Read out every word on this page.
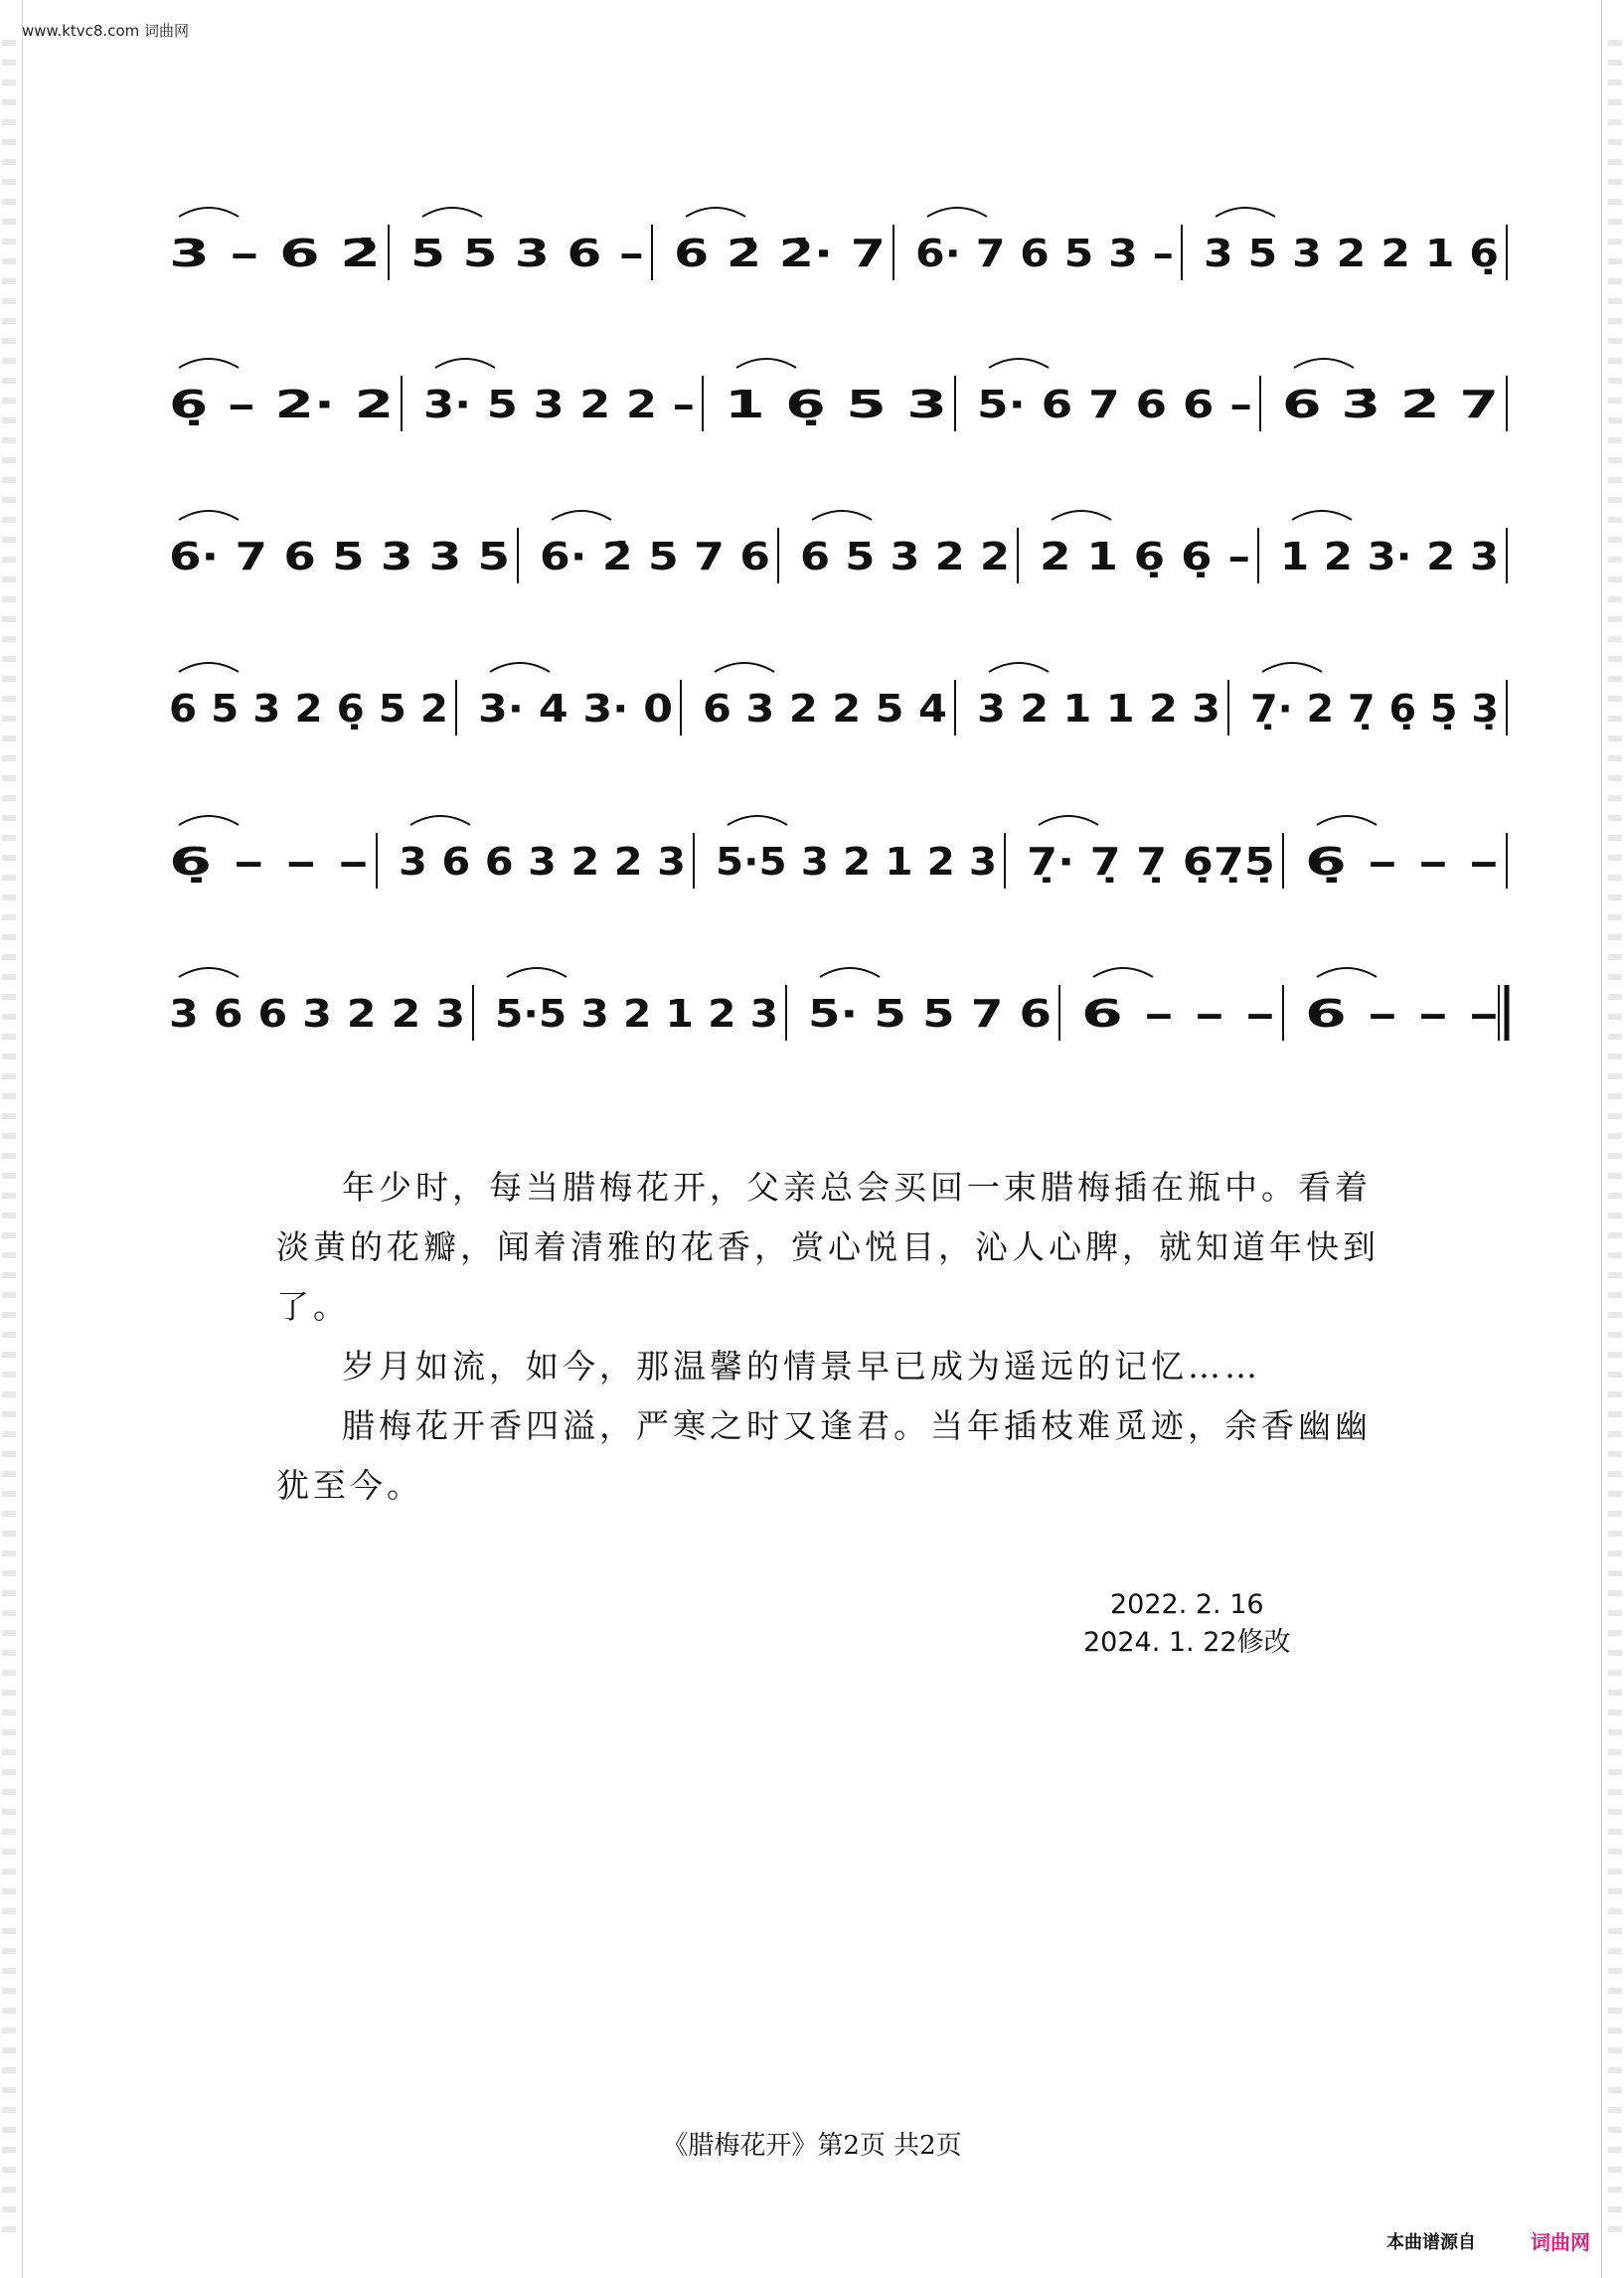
www.ktvc8.com 词曲网
3 – 6 2̇ 5 5 3 6 – 6 2̇ 2̇· 7 6· 7 6 5 3 – 3 5 3 2 2 1 6̣
6̣ – 2· 2 3· 5 3 2 2 – 1 6̣ 5 3 5· 6 7 6 6 – 6 3̇ 2̇ 7
6· 7 6 5 3 3 5 6· 2̇ 5 7 6 6 5 3 2 2 2 1 6̣ 6̣ – 1 2 3· 2 3
6 5 3 2 6̣ 5 2 3· 4 3· 0 6 3 2 2 5 4 3 2 1 1 2 3 7̣· 2 7̣ 6̣ 5̣ 3̣
6̣ – – – 3 6 6 3 2 2 3 5·5 3 2 1 2 3 7̣· 7̣ 7̣ 6̣7̣5̣ 6̣ – – –
3 6 6 3 2 2 3 5·5 3 2 1 2 3 5· 5 5 7 6 6 – – – 6 – – –

年少时，每当腊梅花开，父亲总会买回一束腊梅插在瓶中。看着淡黄的花瓣，闻着清雅的花香，赏心悦目，沁人心脾，就知道年快到了。

岁月如流，如今，那温馨的情景早已成为遥远的记忆……

腊梅花开香四溢，严寒之时又逢君。当年插枝难觅迹，余香幽幽犹至今。

2022. 2. 16
2024. 1. 22修改
《腊梅花开》第2页 共2页
本曲谱源自	词曲网
